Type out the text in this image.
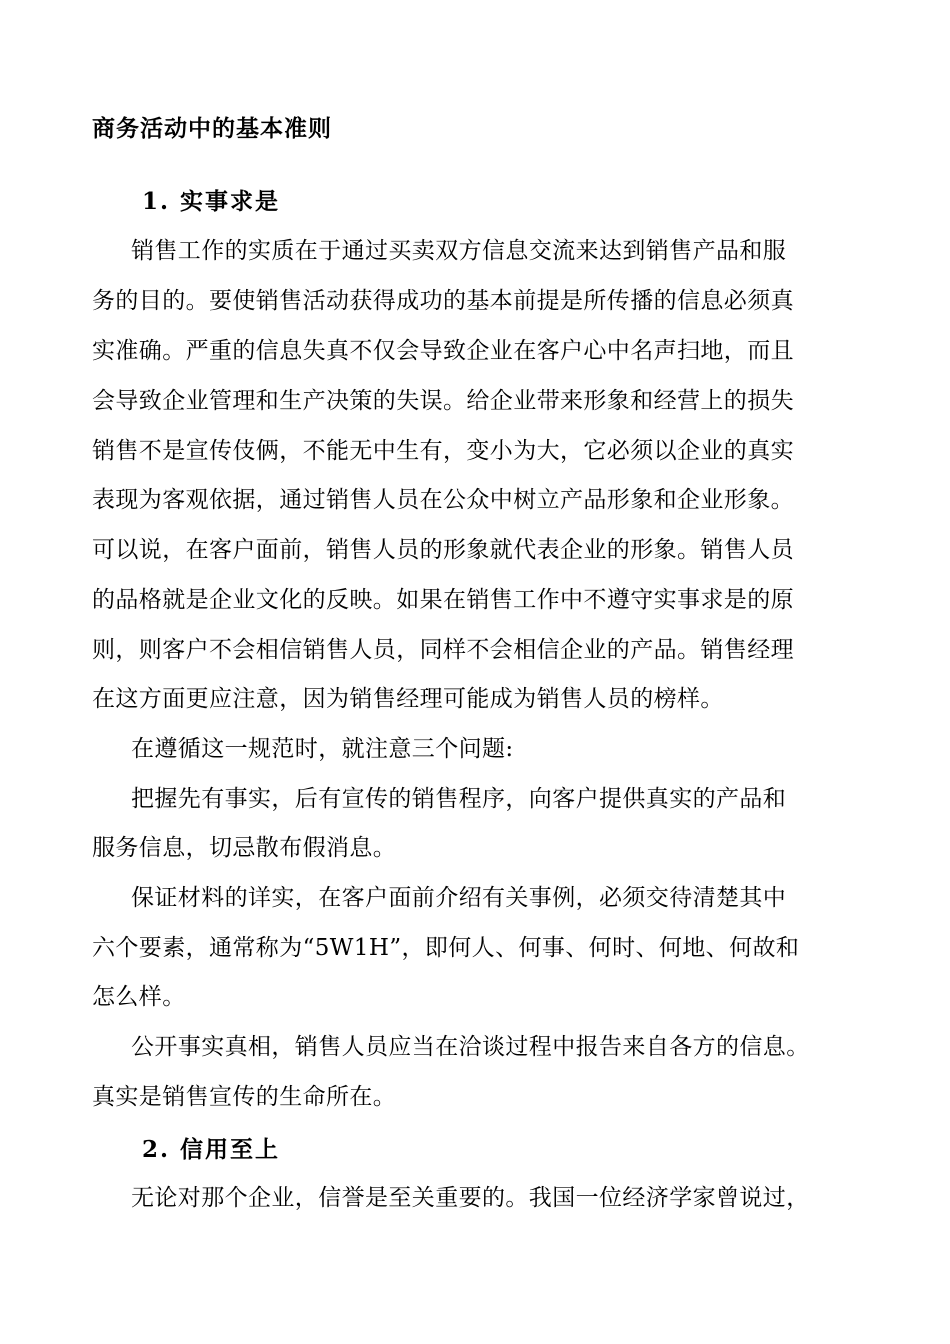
商务活动中的基本准则
1. 实事求是
销售工作的实质在于通过买卖双方信息交流来达到销售产品和服
务的目的。要使销售活动获得成功的基本前提是所传播的信息必须真
实准确。严重的信息失真不仅会导致企业在客户心中名声扫地，而且
会导致企业管理和生产决策的失误。给企业带来形象和经营上的损失
销售不是宣传伎俩，不能无中生有，变小为大，它必须以企业的真实
表现为客观依据，通过销售人员在公众中树立产品形象和企业形象。
可以说，在客户面前，销售人员的形象就代表企业的形象。销售人员
的品格就是企业文化的反映。如果在销售工作中不遵守实事求是的原
则，则客户不会相信销售人员，同样不会相信企业的产品。销售经理
在这方面更应注意，因为销售经理可能成为销售人员的榜样。
在遵循这一规范时，就注意三个问题:
把握先有事实，后有宣传的销售程序，向客户提供真实的产品和
服务信息，切忌散布假消息。
保证材料的详实，在客户面前介绍有关事例，必须交待清楚其中
六个要素，通常称为“5W1H”，即何人、何事、何时、何地、何故和
怎么样。
公开事实真相，销售人员应当在洽谈过程中报告来自各方的信息。
真实是销售宣传的生命所在。
2. 信用至上
无论对那个企业，信誉是至关重要的。我国一位经济学家曾说过，
